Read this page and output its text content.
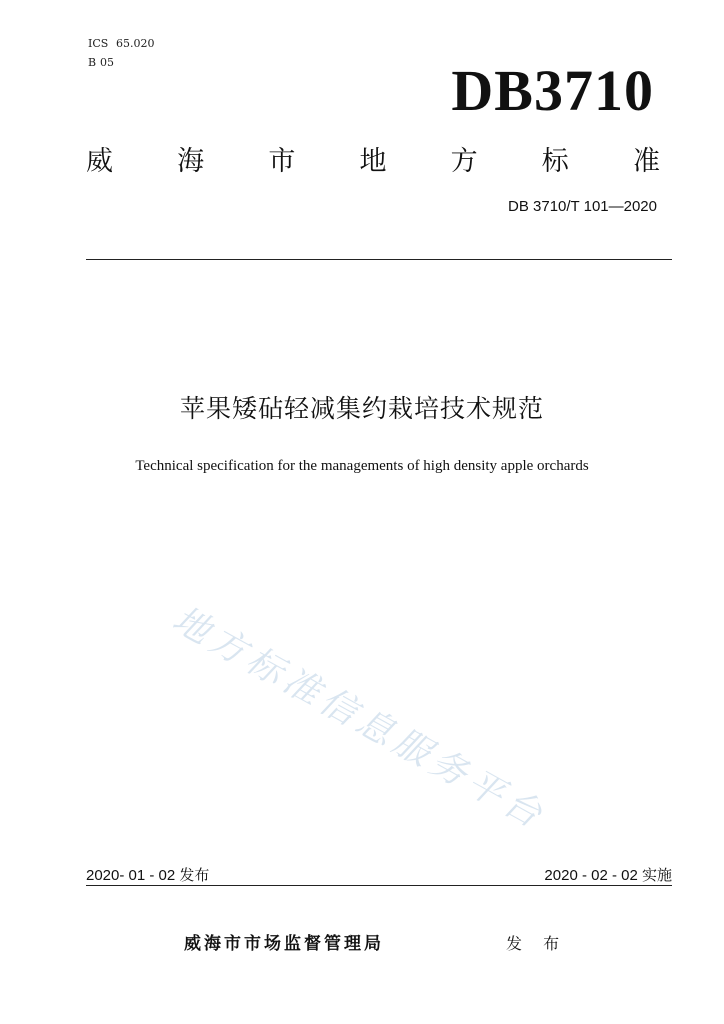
ICS 65.020
B 05	DB3710
威 海 市 地 方 标 准
DB 3710/T 101—2020
苹果矮砧轻减集约栽培技术规范
Technical specification for the managements of high density apple orchards
地方标准信息服务平台
2020- 01 - 02 发布	2020 - 02 - 02 实施
威海市市场监督管理局	发 布
